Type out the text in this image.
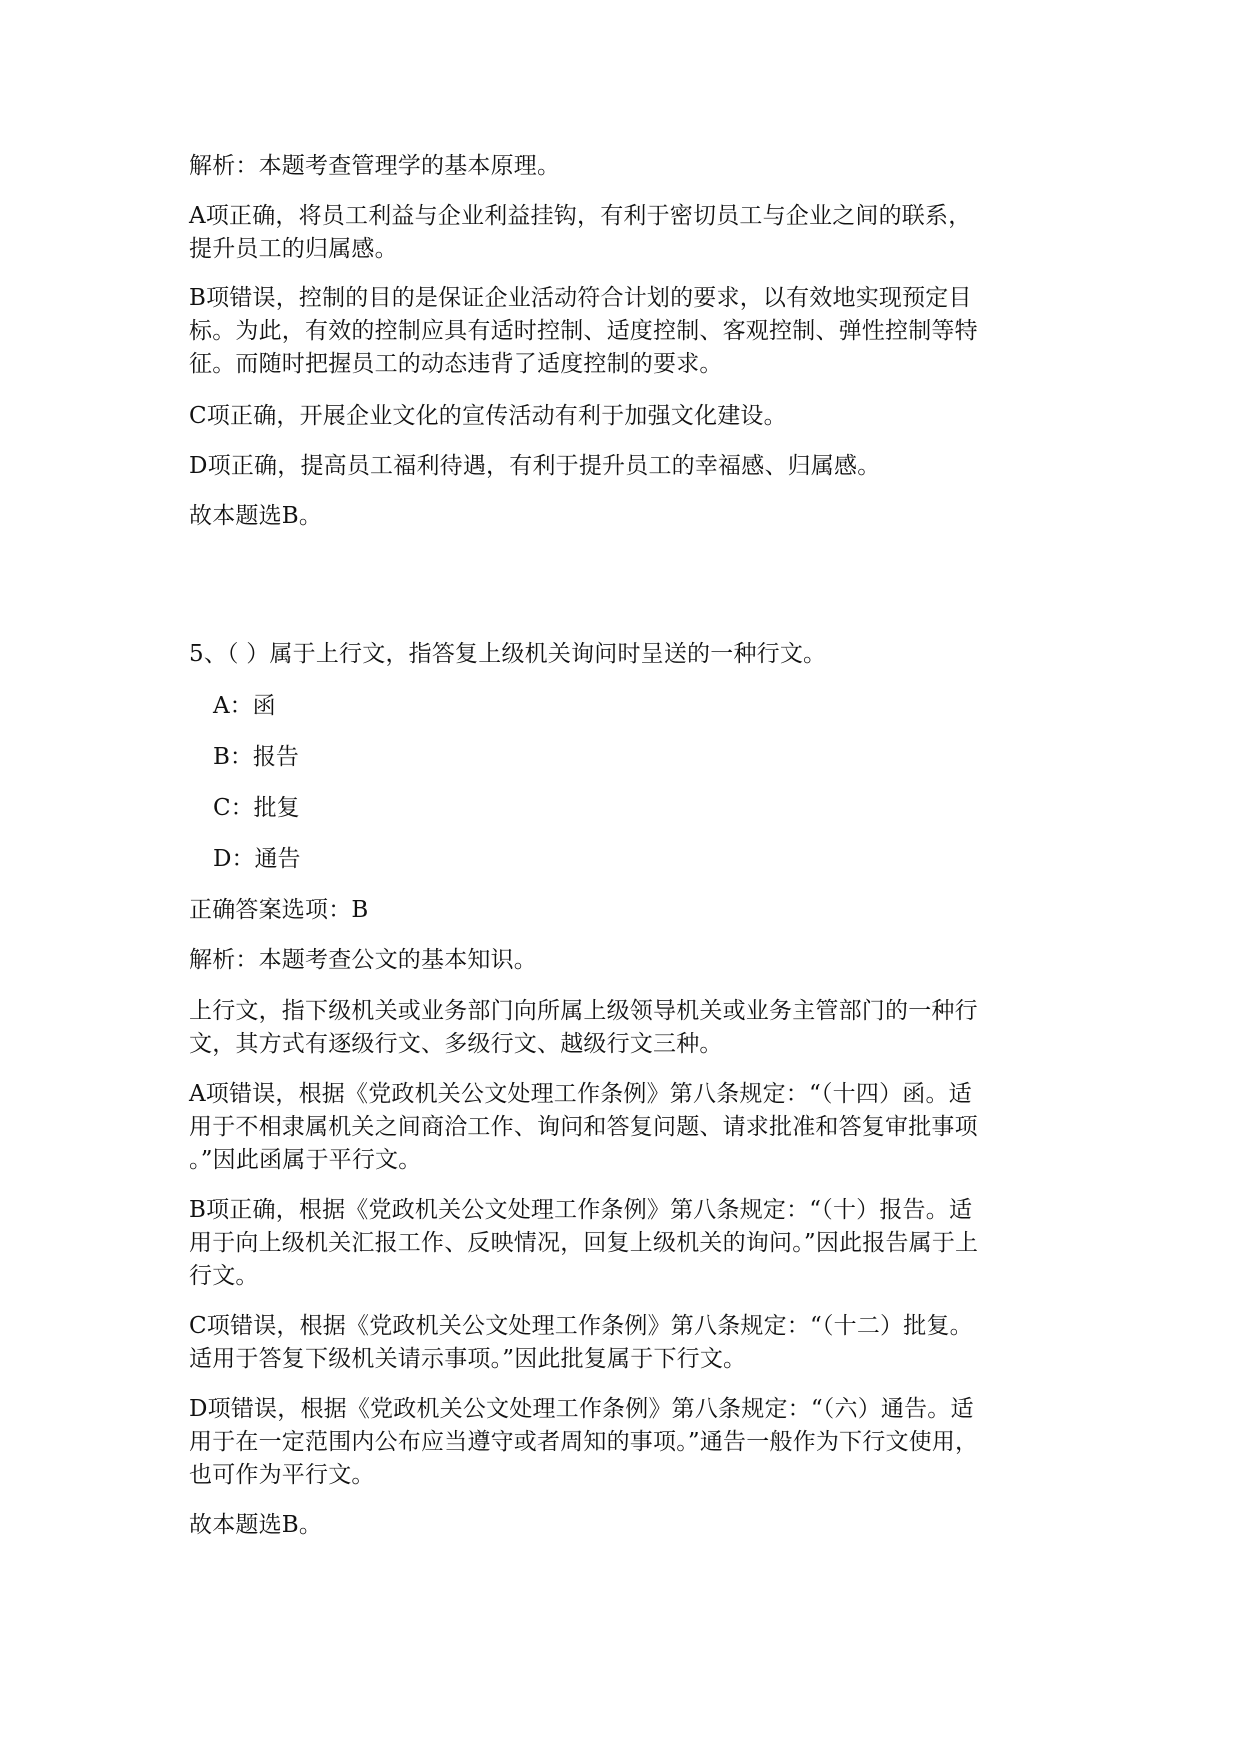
解析：本题考查管理学的基本原理。

A项正确，将员工利益与企业利益挂钩，有利于密切员工与企业之间的联系，
提升员工的归属感。

B项错误，控制的目的是保证企业活动符合计划的要求，以有效地实现预定目
标。为此，有效的控制应具有适时控制、适度控制、客观控制、弹性控制等特
征。而随时把握员工的动态违背了适度控制的要求。

C项正确，开展企业文化的宣传活动有利于加强文化建设。

D项正确，提高员工福利待遇，有利于提升员工的幸福感、归属感。

故本题选B。

5、（ ）属于上行文，指答复上级机关询问时呈送的一种行文。

A：函

B：报告

C：批复

D：通告

正确答案选项：B

解析：本题考查公文的基本知识。

上行文，指下级机关或业务部门向所属上级领导机关或业务主管部门的一种行
文，其方式有逐级行文、多级行文、越级行文三种。

A项错误，根据《党政机关公文处理工作条例》第八条规定：“（十四）函。适
用于不相隶属机关之间商洽工作、询问和答复问题、请求批准和答复审批事项
。”因此函属于平行文。

B项正确，根据《党政机关公文处理工作条例》第八条规定：“（十）报告。适
用于向上级机关汇报工作、反映情况，回复上级机关的询问。”因此报告属于上
行文。

C项错误，根据《党政机关公文处理工作条例》第八条规定：“（十二）批复。
适用于答复下级机关请示事项。”因此批复属于下行文。

D项错误，根据《党政机关公文处理工作条例》第八条规定：“（六）通告。适
用于在一定范围内公布应当遵守或者周知的事项。”通告一般作为下行文使用，
也可作为平行文。

故本题选B。
